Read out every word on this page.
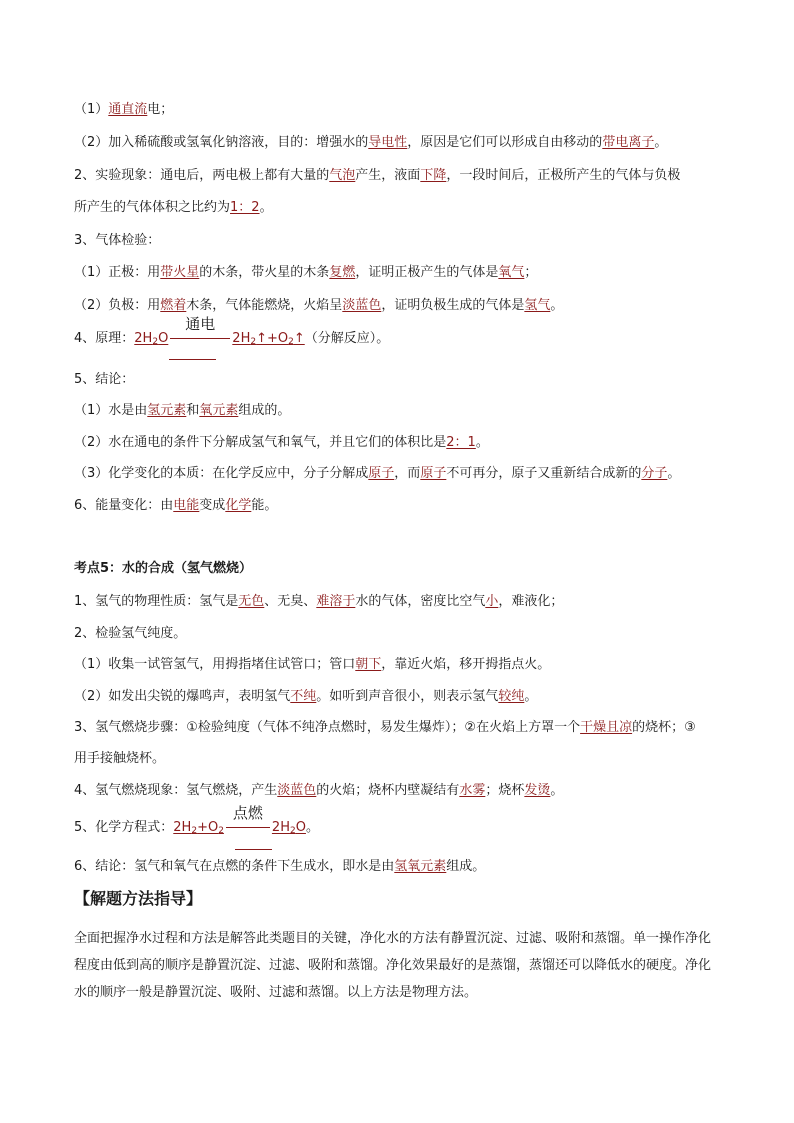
（1）通直流电；
（2）加入稀硫酸或氢氧化钠溶液，目的：增强水的导电性，原因是它们可以形成自由移动的带电离子。
2、实验现象：通电后，两电极上都有大量的气泡产生，液面下降，一段时间后，正极所产生的气体与负极
所产生的气体体积之比约为1：2。
3、气体检验：
（1）正极：用带火星的木条，带火星的木条复燃，证明正极产生的气体是氧气；
（2）负极：用燃着木条，气体能燃烧，火焰呈淡蓝色，证明负极生成的气体是氢气。
4、原理：$2H_2O$
通电
$2H_2↑+O_2↑$（分解反应）。
5、结论：
（1）水是由氢元素和氧元素组成的。
（2）水在通电的条件下分解成氢气和氧气，并且它们的体积比是2：1。
（3）化学变化的本质：在化学反应中，分子分解成原子，而原子不可再分，原子又重新结合成新的分子。
6、能量变化：由电能变成化学能。
考点5：水的合成（氢气燃烧）
1、氢气的物理性质：氢气是无色、无臭、难溶于水的气体，密度比空气小，难液化；
2、检验氢气纯度。
（1）收集一试管氢气，用拇指堵住试管口；管口朝下，靠近火焰，移开拇指点火。
（2）如发出尖锐的爆鸣声，表明氢气不纯。如听到声音很小，则表示氢气较纯。
3、氢气燃烧步骤：①检验纯度（气体不纯净点燃时，易发生爆炸）；②在火焰上方罩一个干燥且凉的烧杯；③
用手接触烧杯。
4、氢气燃烧现象：氢气燃烧，产生淡蓝色的火焰；烧杯内壁凝结有水雾；烧杯发烫。
5、化学方程式：$2H_2+O_2$
点燃
$2H_2O$。
6、结论：氢气和氧气在点燃的条件下生成水，即水是由氢氧元素组成。
【解题方法指导】
全面把握净水过程和方法是解答此类题目的关键，净化水的方法有静置沉淀、过滤、吸附和蒸馏。单一操作净化程度由低到高的顺序是静置沉淀、过滤、吸附和蒸馏。净化效果最好的是蒸馏，蒸馏还可以降低水的硬度。净化水的顺序一般是静置沉淀、吸附、过滤和蒸馏。以上方法是物理方法。
